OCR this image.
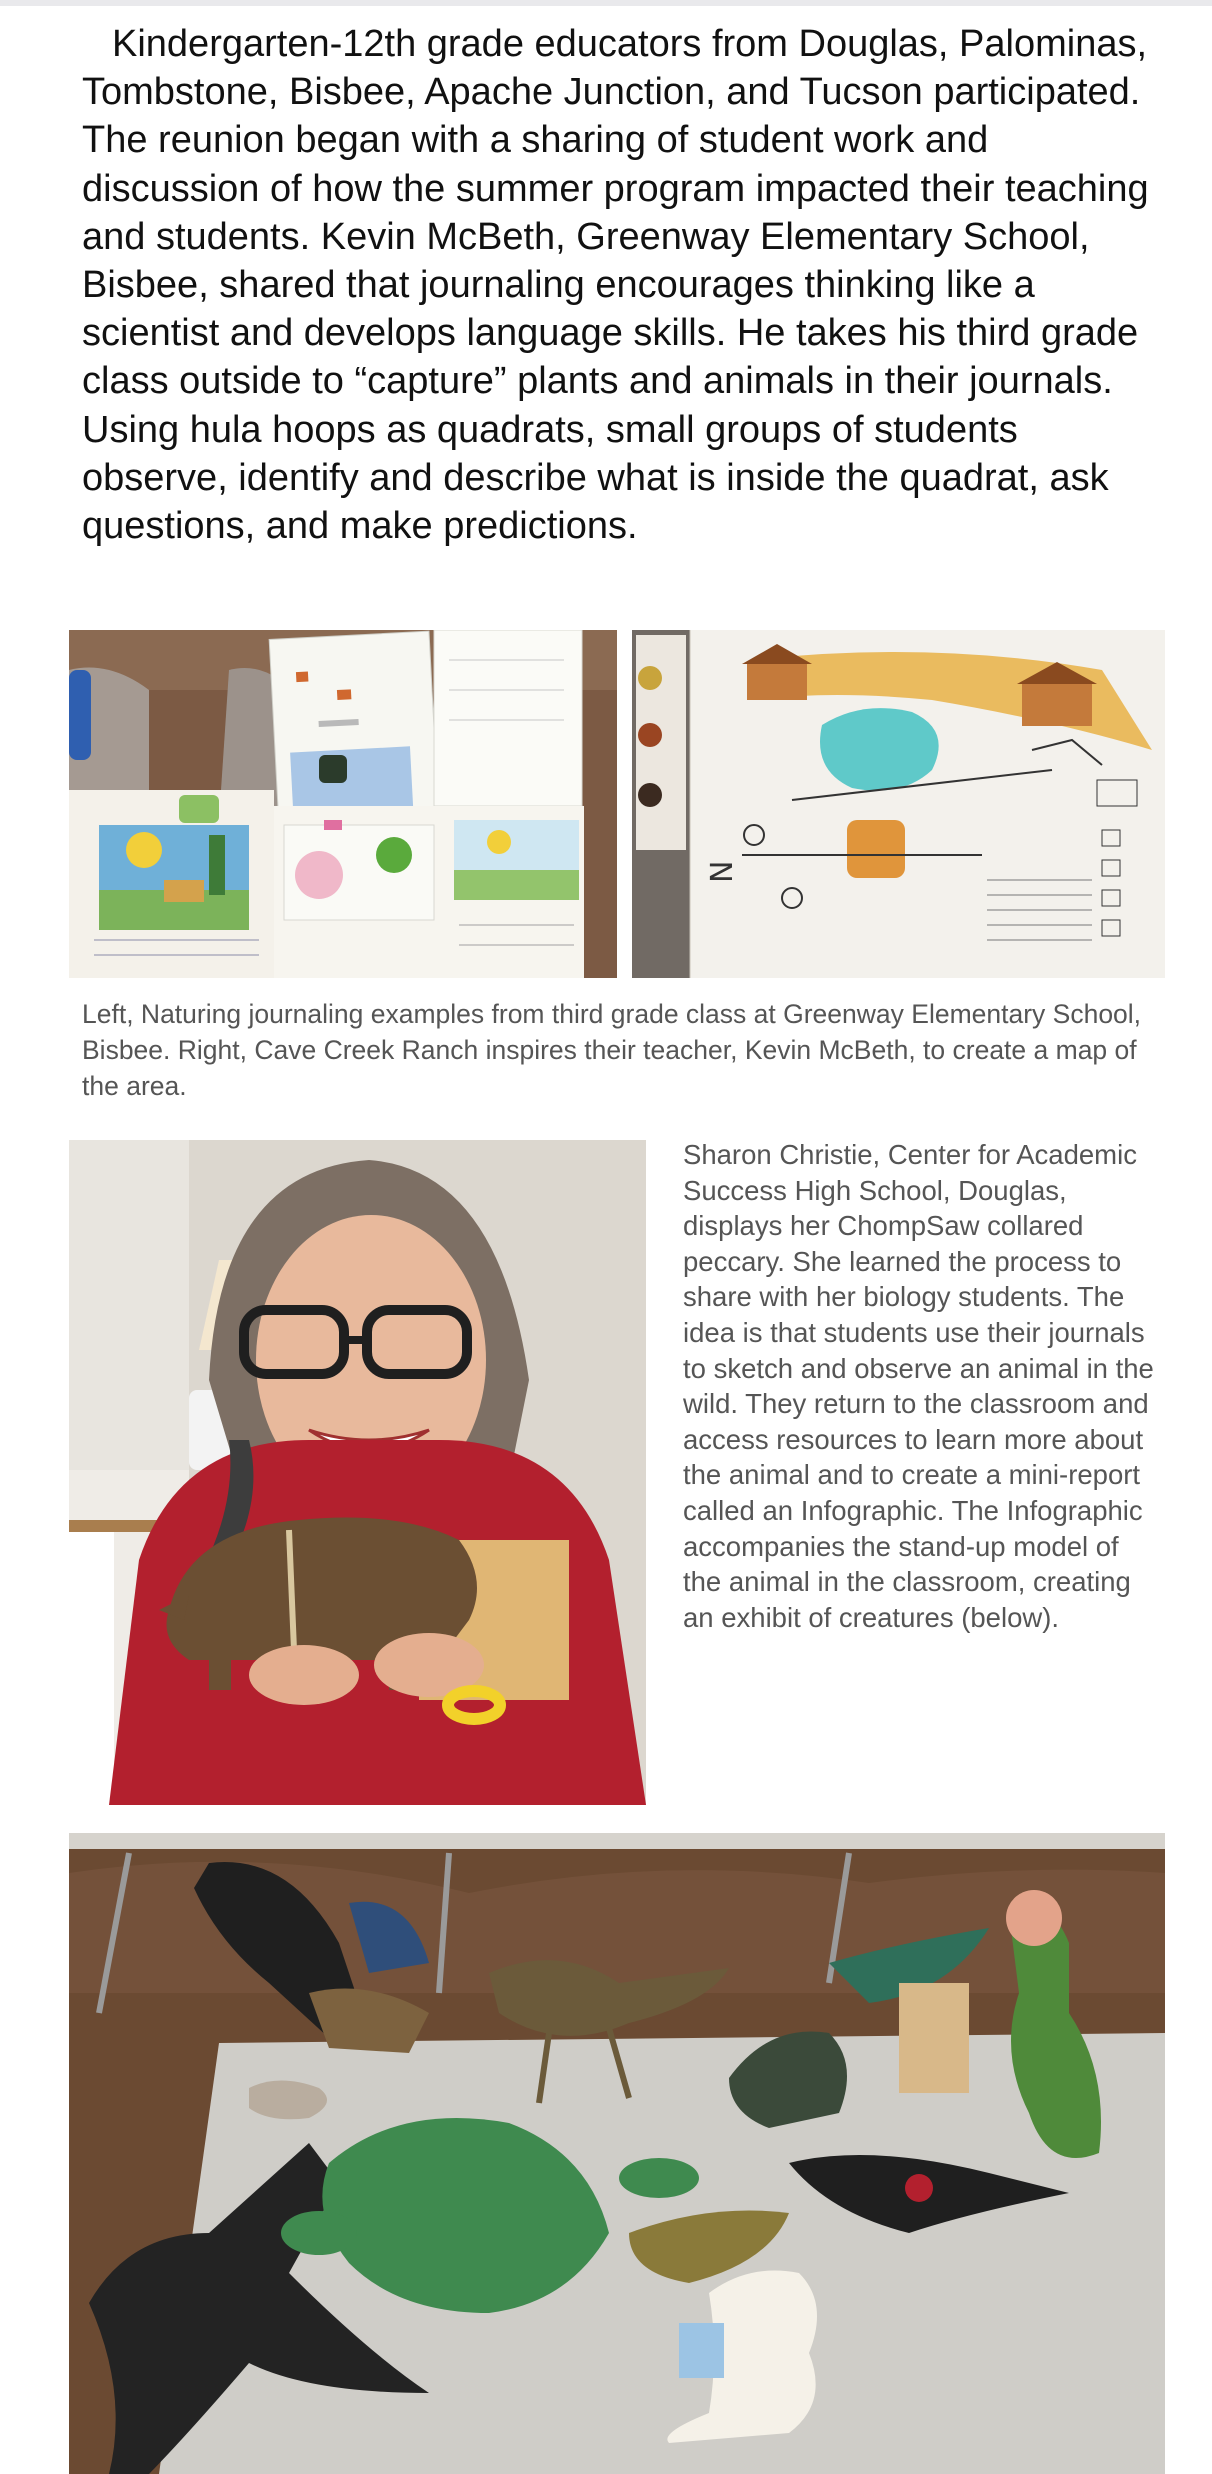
Kindergarten-12th grade educators from Douglas, Palominas, Tombstone, Bisbee, Apache Junction, and Tucson participated. The reunion began with a sharing of student work and discussion of how the summer program impacted their teaching and students. Kevin McBeth, Greenway Elementary School, Bisbee, shared that journaling encourages thinking like a scientist and develops language skills. He takes his third grade class outside to “capture” plants and animals in their journals. Using hula hoops as quadrats, small groups of students observe, identify and describe what is inside the quadrat, ask questions, and make predictions.

N

Left, Naturing journaling examples from third grade class at Greenway Elementary School, Bisbee. Right, Cave Creek Ranch inspires their teacher, Kevin McBeth, to create a map of the area.

Sharon Christie, Center for Academic Success High School, Douglas, displays her ChompSaw collared peccary. She learned the process to share with her biology students. The idea is that students use their journals to sketch and observe an animal in the wild. They return to the classroom and access resources to learn more about the animal and to create a mini-report called an Infographic. The Infographic accompanies the stand-up model of the animal in the classroom, creating an exhibit of creatures (below).
